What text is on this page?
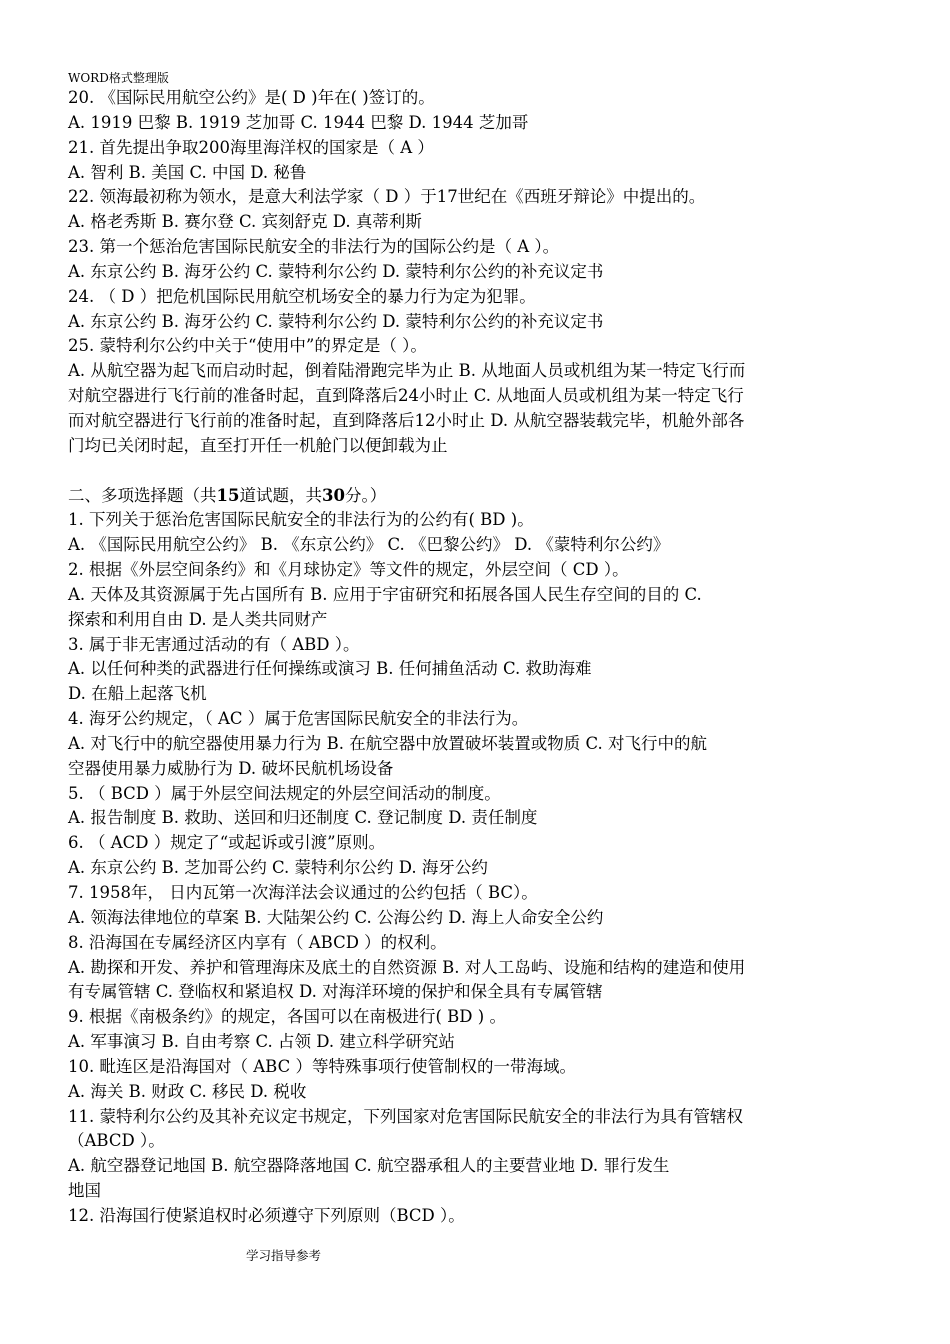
WORD格式整理版
20. 《国际民用航空公约》是( D )年在( )签订的。
A. 1919 巴黎 B. 1919 芝加哥 C. 1944 巴黎 D. 1944 芝加哥
21. 首先提出争取200海里海洋权的国家是（ A ）
A. 智利 B. 美国 C. 中国 D. 秘鲁
22. 领海最初称为领水，是意大利法学家（ D ）于17世纪在《西班牙辩论》中提出的。
A. 格老秀斯 B. 赛尔登 C. 宾刻舒克 D. 真蒂利斯
23. 第一个惩治危害国际民航安全的非法行为的国际公约是（ A ）。
A. 东京公约 B. 海牙公约 C. 蒙特利尔公约 D. 蒙特利尔公约的补充议定书
24. （ D ）把危机国际民用航空机场安全的暴力行为定为犯罪。
A. 东京公约 B. 海牙公约 C. 蒙特利尔公约 D. 蒙特利尔公约的补充议定书
25. 蒙特利尔公约中关于“使用中”的界定是（ ）。
A. 从航空器为起飞而启动时起，倒着陆滑跑完毕为止 B. 从地面人员或机组为某一特定飞行而
对航空器进行飞行前的准备时起，直到降落后24小时止 C. 从地面人员或机组为某一特定飞行
而对航空器进行飞行前的准备时起，直到降落后12小时止 D. 从航空器装载完毕，机舱外部各
门均已关闭时起，直至打开任一机舱门以便卸载为止
二、多项选择题（共15道试题，共30分。）
1. 下列关于惩治危害国际民航安全的非法行为的公约有( BD )。
A. 《国际民用航空公约》 B. 《东京公约》 C. 《巴黎公约》 D. 《蒙特利尔公约》
2. 根据《外层空间条约》和《月球协定》等文件的规定，外层空间（ CD ）。
A. 天体及其资源属于先占国所有 B. 应用于宇宙研究和拓展各国人民生存空间的目的 C.
探索和利用自由 D. 是人类共同财产
3. 属于非无害通过活动的有（ ABD ）。
A. 以任何种类的武器进行任何操练或演习 B. 任何捕鱼活动 C. 救助海难
D. 在船上起落飞机
4. 海牙公约规定，（ AC ）属于危害国际民航安全的非法行为。
A. 对飞行中的航空器使用暴力行为 B. 在航空器中放置破坏装置或物质 C. 对飞行中的航
空器使用暴力威胁行为 D. 破坏民航机场设备
5. （ BCD ）属于外层空间法规定的外层空间活动的制度。
A. 报告制度 B. 救助、送回和归还制度 C. 登记制度 D. 责任制度
6. （ ACD ）规定了“或起诉或引渡”原则。
A. 东京公约 B. 芝加哥公约 C. 蒙特利尔公约 D. 海牙公约
7. 1958年， 日内瓦第一次海洋法会议通过的公约包括（ BC）。
A. 领海法律地位的草案 B. 大陆架公约 C. 公海公约 D. 海上人命安全公约
8. 沿海国在专属经济区内享有（ ABCD ）的权利。
A. 勘探和开发、养护和管理海床及底土的自然资源 B. 对人工岛屿、设施和结构的建造和使用
有专属管辖 C. 登临权和紧追权 D. 对海洋环境的保护和保全具有专属管辖
9. 根据《南极条约》的规定，各国可以在南极进行( BD ) 。
A. 军事演习 B. 自由考察 C. 占领 D. 建立科学研究站
10. 毗连区是沿海国对（ ABC ）等特殊事项行使管制权的一带海域。
A. 海关 B. 财政 C. 移民 D. 税收
11. 蒙特利尔公约及其补充议定书规定，下列国家对危害国际民航安全的非法行为具有管辖权
（ABCD ）。
A. 航空器登记地国 B. 航空器降落地国 C. 航空器承租人的主要营业地 D. 罪行发生
地国
12. 沿海国行使紧追权时必须遵守下列原则（BCD ）。
学习指导参考
